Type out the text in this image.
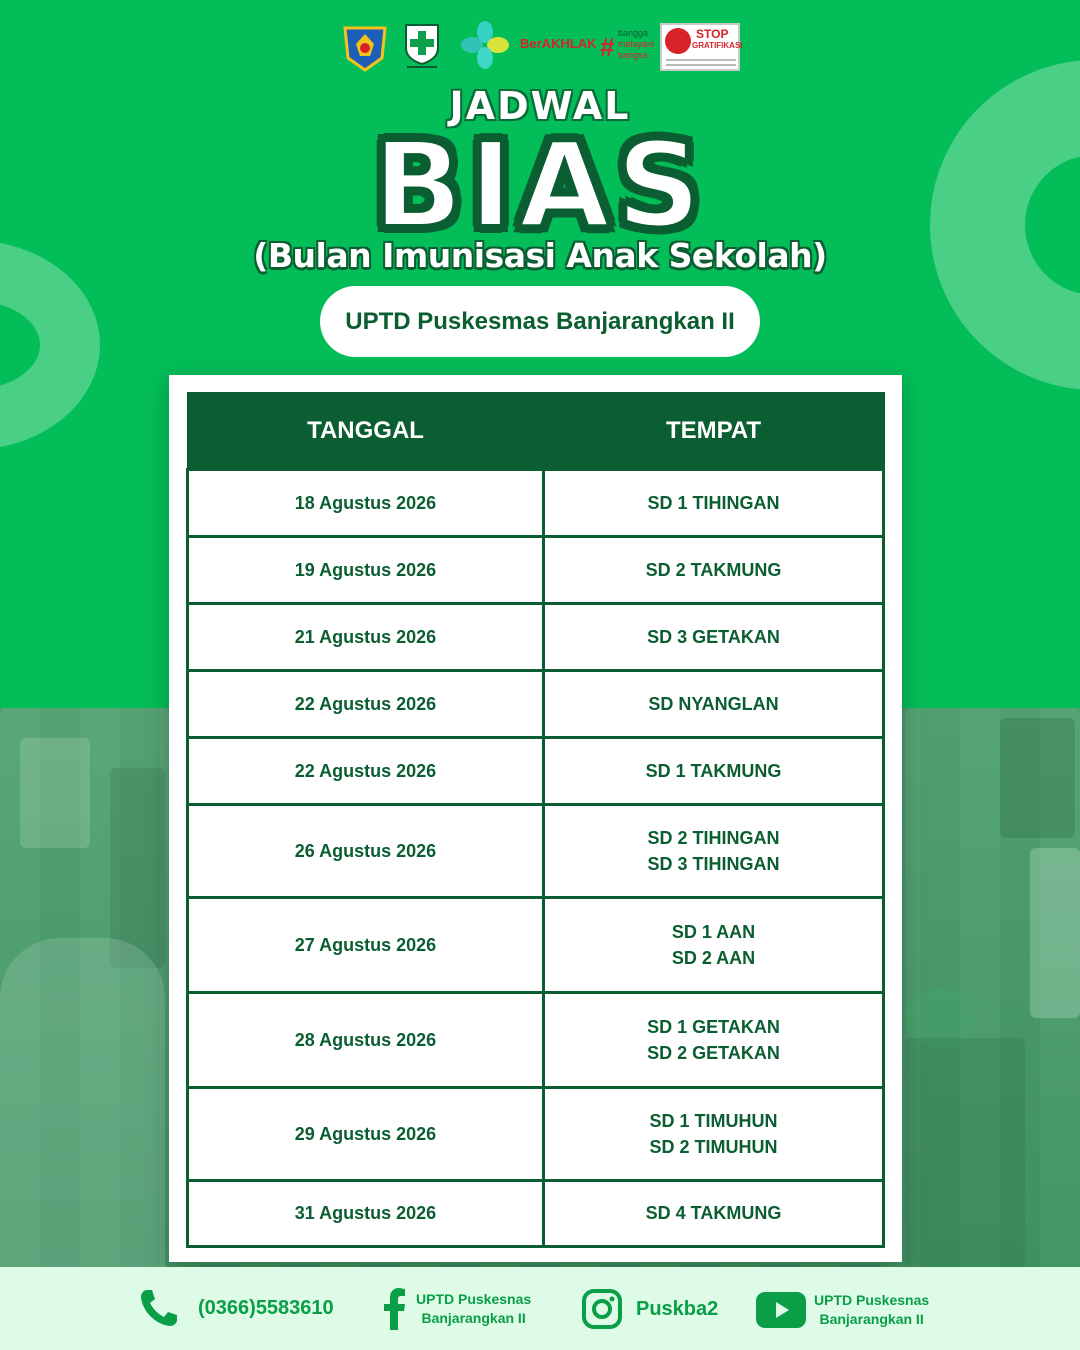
BerAKHLAK # bangga
melayani
bangsa
STOP
GRATIFIKASI
JADWAL
BIAS
(Bulan Imunisasi Anak Sekolah)
UPTD Puskesmas Banjarangkan II
TANGGAL	TEMPAT
18 Agustus 2026	SD 1 TIHINGAN

19 Agustus 2026	SD 2 TAKMUNG

21 Agustus 2026	SD 3 GETAKAN

22 Agustus 2026	SD NYANGLAN

22 Agustus 2026	SD 1 TAKMUNG

26 Agustus 2026	SD 2 TIHINGAN
SD 3 TIHINGAN

27 Agustus 2026	SD 1 AAN
SD 2 AAN

28 Agustus 2026	SD 1 GETAKAN
SD 2 GETAKAN

29 Agustus 2026	SD 1 TIMUHUN
SD 2 TIMUHUN

31 Agustus 2026	SD 4 TAKMUNG
(0366)5583610	UPTD Puskesnas
Banjarangkan II	Puskba2	UPTD Puskesnas
Banjarangkan II
